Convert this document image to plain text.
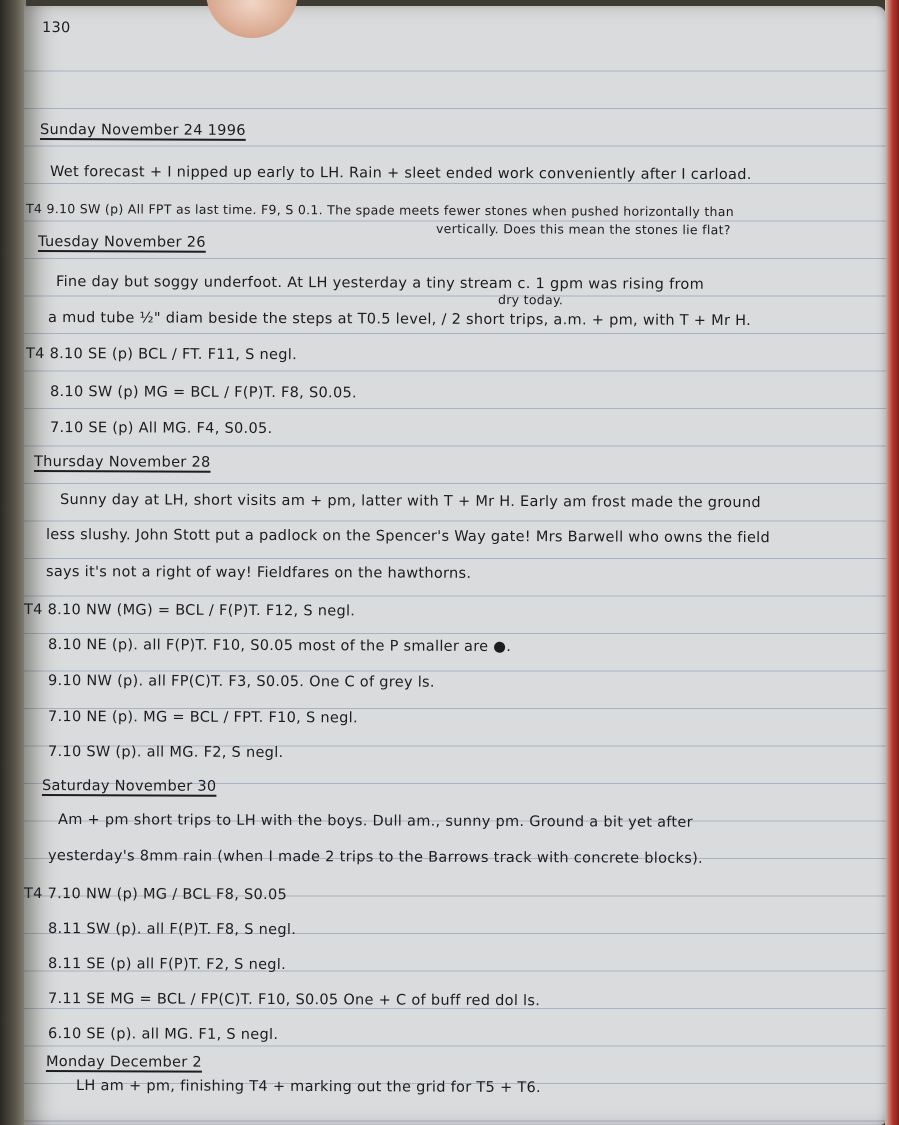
130
Sunday November 24 1996
Wet forecast + I nipped up early to LH. Rain + sleet ended work conveniently after I carload.
T4 9.10 SW (p) All FPT as last time. F9, S 0.1. The spade meets fewer stones when pushed horizontally than
vertically. Does this mean the stones lie flat?
Tuesday November 26
Fine day but soggy underfoot. At LH yesterday a tiny stream c. 1 gpm was rising from
dry today.
a mud tube ½" diam beside the steps at T0.5 level, / 2 short trips, a.m. + pm, with T + Mr H.
T4 8.10 SE (p) BCL / FT. F11, S negl.
8.10 SW (p) MG = BCL / F(P)T. F8, S0.05.
7.10 SE (p) All MG. F4, S0.05.
Thursday November 28
Sunny day at LH, short visits am + pm, latter with T + Mr H. Early am frost made the ground
less slushy. John Stott put a padlock on the Spencer's Way gate! Mrs Barwell who owns the field
says it's not a right of way! Fieldfares on the hawthorns.
T4 8.10 NW (MG) = BCL / F(P)T. F12, S negl.
8.10 NE (p). all F(P)T. F10, S0.05 most of the P smaller are ●.
9.10 NW (p). all FP(C)T. F3, S0.05. One C of grey ls.
7.10 NE (p). MG = BCL / FPT. F10, S negl.
7.10 SW (p). all MG. F2, S negl.
Saturday November 30
Am + pm short trips to LH with the boys. Dull am., sunny pm. Ground a bit yet after
yesterday's 8mm rain (when I made 2 trips to the Barrows track with concrete blocks).
T4 7.10 NW (p) MG / BCL F8, S0.05
8.11 SW (p). all F(P)T. F8, S negl.
8.11 SE (p) all F(P)T. F2, S negl.
7.11 SE MG = BCL / FP(C)T. F10, S0.05 One + C of buff red dol ls.
6.10 SE (p). all MG. F1, S negl.
Monday December 2
LH am + pm, finishing T4 + marking out the grid for T5 + T6.
